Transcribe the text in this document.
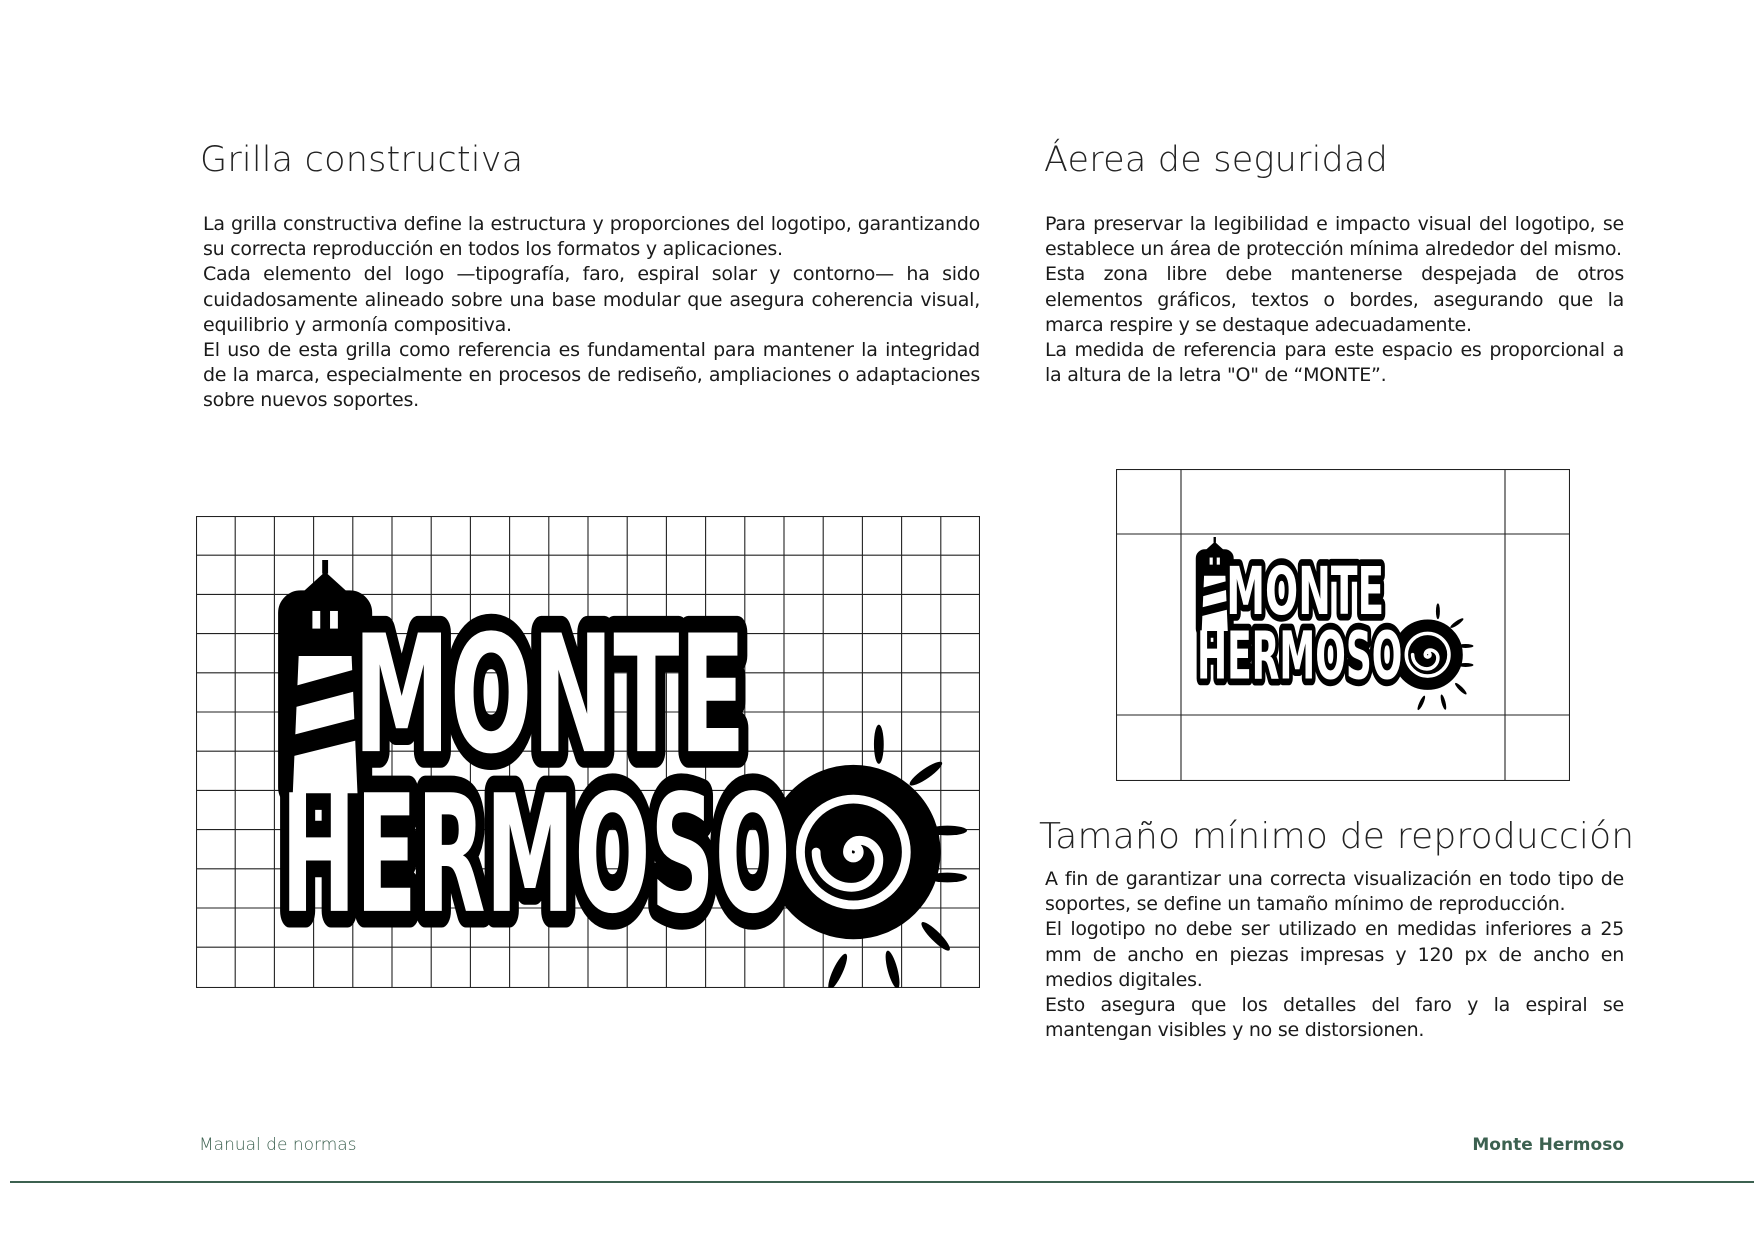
Grilla constructiva

La grilla constructiva define la estructura y proporciones del logotipo, garantizando su correcta reproducción en todos los formatos y aplicaciones.

Cada elemento del logo —tipografía, faro, espiral solar y contorno— ha sido cuidadosamente alineado sobre una base modular que asegura coherencia visual, equilibrio y armonía compositiva.

El uso de esta grilla como referencia es fundamental para mantener la integridad de la marca, especialmente en procesos de rediseño, ampliaciones o adaptaciones sobre nuevos soportes.

Áerea de seguridad

Para preservar la legibilidad e impacto visual del logotipo, se establece un área de protección mínima alrededor del mismo.

Esta zona libre debe mantenerse despejada de otros elementos gráficos, textos o bordes, asegurando que la marca respire y se destaque adecuadamente.

La medida de referencia para este espacio es proporcional a la altura de la letra "O" de “MONTE”.

Tamaño mínimo de reproducción

A fin de garantizar una correcta visualización en todo tipo de soportes, se define un tamaño mínimo de reproducción.

El logotipo no debe ser utilizado en medidas inferiores a 25 mm de ancho en piezas impresas y 120 px de ancho en medios digitales.

Esto asegura que los detalles del faro y la espiral se mantengan visibles y no se distorsionen.

Manual de normas	Monte Hermoso
